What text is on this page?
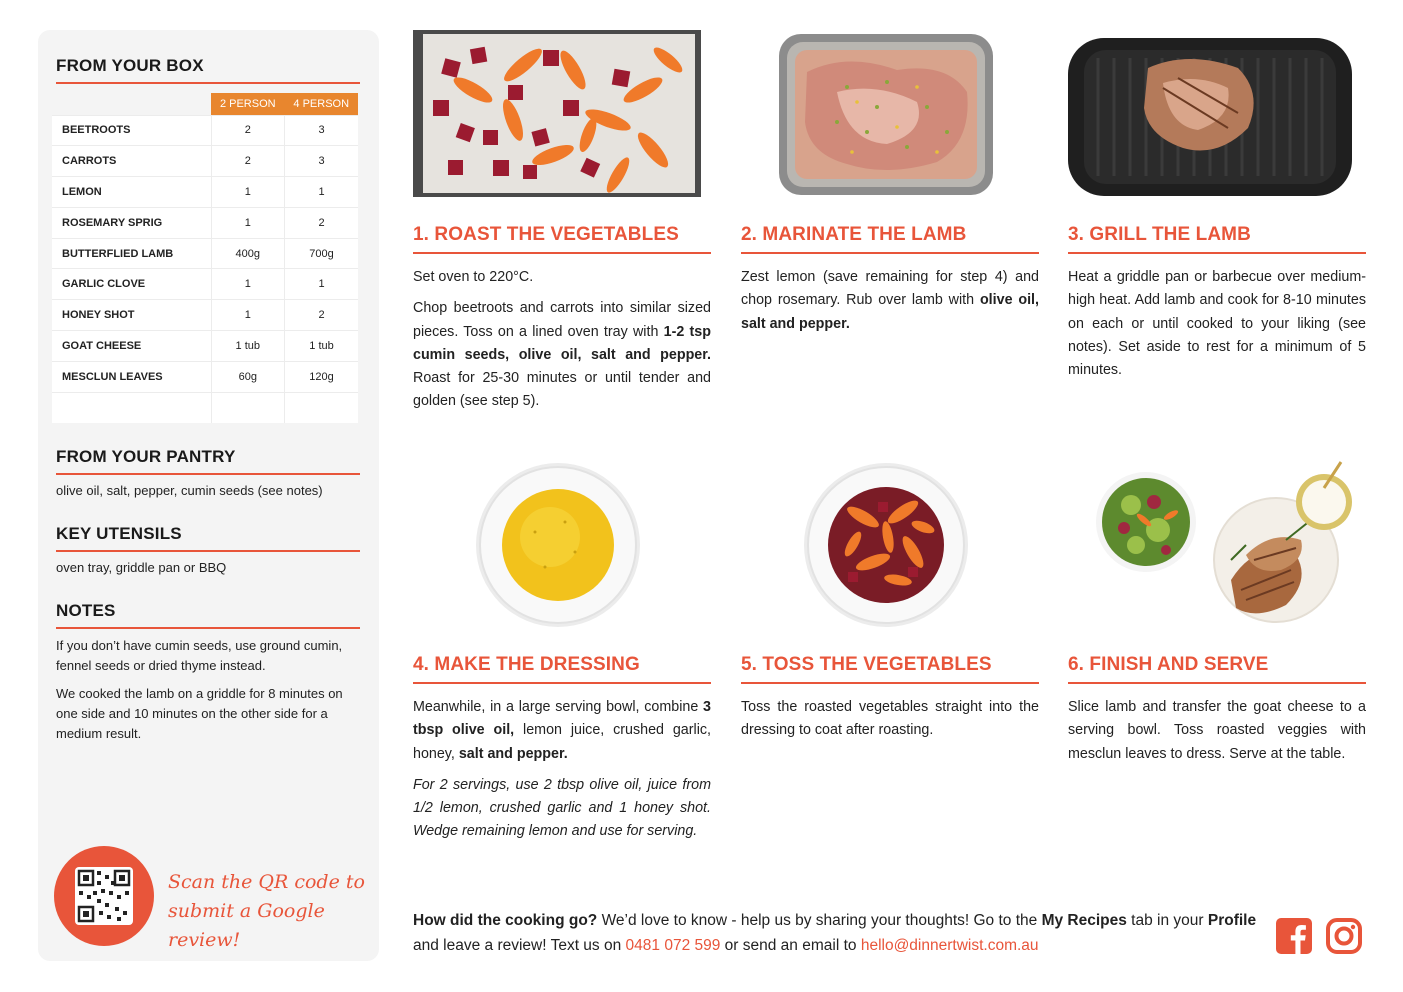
FROM YOUR BOX
	2 PERSON	4 PERSON
BEETROOTS	2	3
CARROTS	2	3
LEMON	1	1
ROSEMARY SPRIG	1	2
BUTTERFLIED LAMB	400g	700g
GARLIC CLOVE	1	1
HONEY SHOT	1	2
GOAT CHEESE	1 tub	1 tub
MESCLUN LEAVES	60g	120g

FROM YOUR PANTRY
olive oil, salt, pepper, cumin seeds (see notes)
KEY UTENSILS
oven tray, griddle pan or BBQ
NOTES
If you don’t have cumin seeds, use ground cumin, fennel seeds or dried thyme instead.
We cooked the lamb on a griddle for 8 minutes on one side and 10 minutes on the other side for a medium result.
Scan the QR code to
submit a Google review!
1. ROAST THE VEGETABLES

Set oven to 220°C.

Chop beetroots and carrots into similar sized pieces. Toss on a lined oven tray with 1-2 tsp cumin seeds, olive oil, salt and pepper. Roast for 25-30 minutes or until tender and golden (see step 5).

2. MARINATE THE LAMB

Zest lemon (save remaining for step 4) and chop rosemary. Rub over lamb with olive oil, salt and pepper.

3. GRILL THE LAMB

Heat a griddle pan or barbecue over medium-high heat. Add lamb and cook for 8-10 minutes on each or until cooked to your liking (see notes). Set aside to rest for a minimum of 5 minutes.

4. MAKE THE DRESSING

Meanwhile, in a large serving bowl, combine 3 tbsp olive oil, lemon juice, crushed garlic, honey, salt and pepper.

For 2 servings, use 2 tbsp olive oil, juice from 1/2 lemon, crushed garlic and 1 honey shot. Wedge remaining lemon and use for serving.

5. TOSS THE VEGETABLES

Toss the roasted vegetables straight into the dressing to coat after roasting.

6. FINISH AND SERVE

Slice lamb and transfer the goat cheese to a serving bowl. Toss roasted veggies with mesclun leaves to dress. Serve at the table.

How did the cooking go? We’d love to know - help us by sharing your thoughts! Go to the My Recipes tab in your Profile and leave a review! Text us on 0481 072 599 or send an email to hello@dinnertwist.com.au
